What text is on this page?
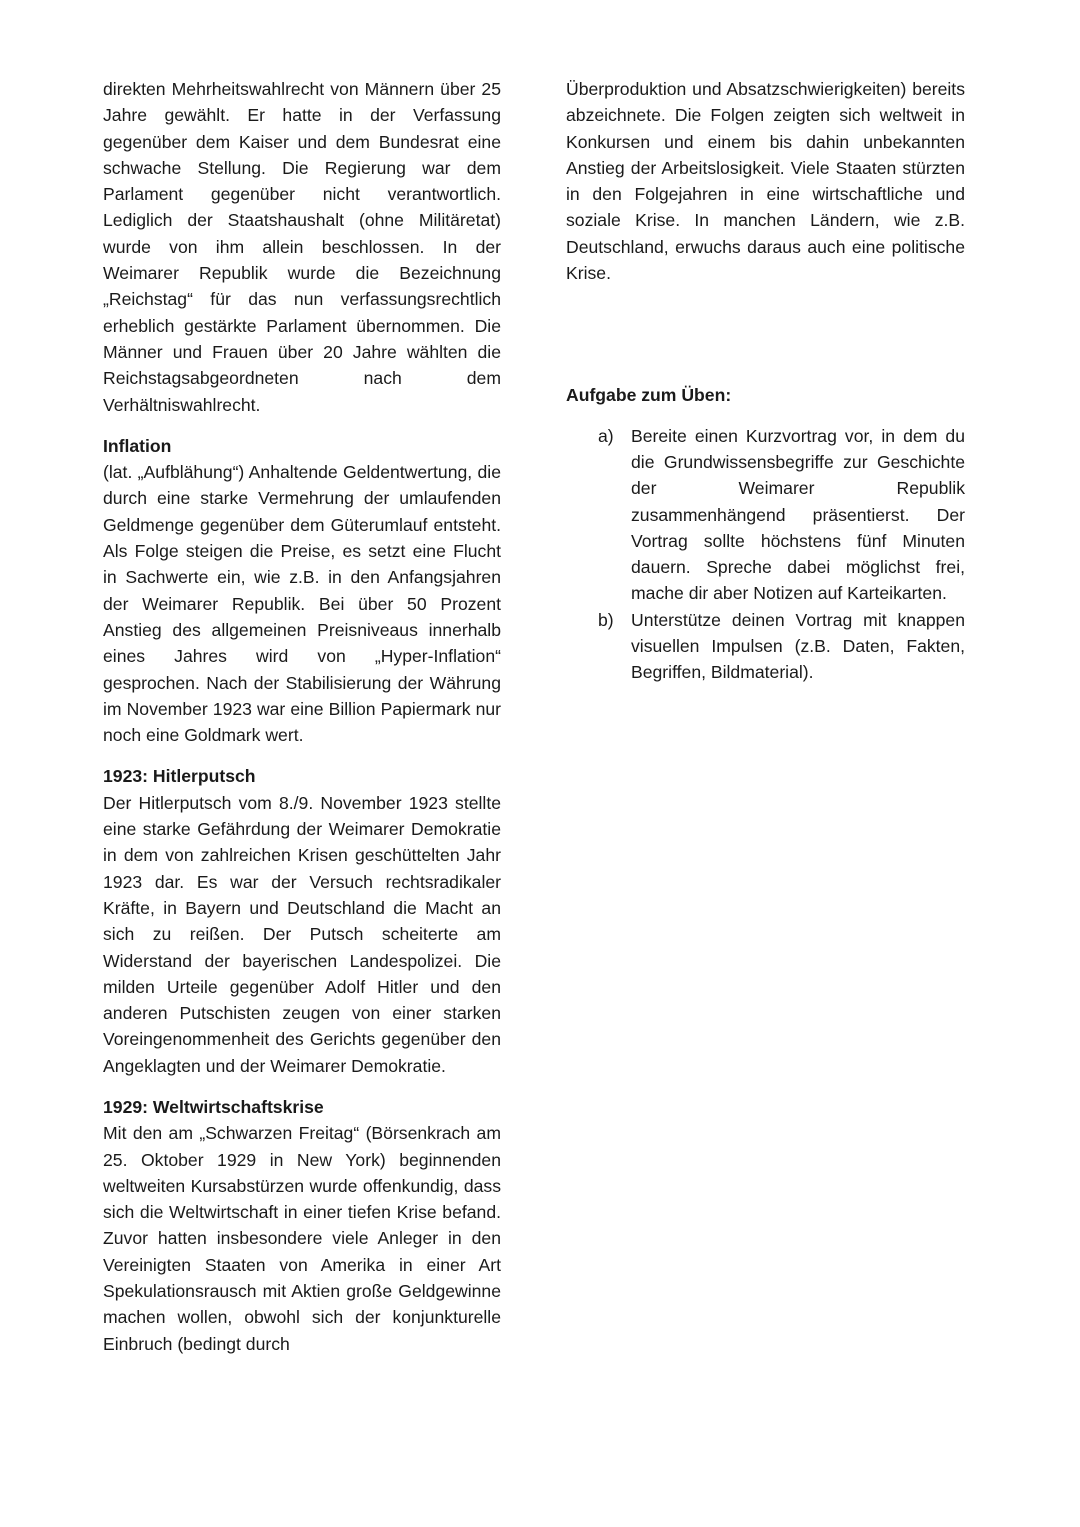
direkten Mehrheitswahlrecht von Männern über 25 Jahre gewählt. Er hatte in der Verfassung gegenüber dem Kaiser und dem Bundesrat eine schwache Stellung. Die Regierung war dem Parlament gegenüber nicht verantwortlich. Lediglich der Staatshaushalt (ohne Militäretat) wurde von ihm allein beschlossen. In der Weimarer Republik wurde die Bezeichnung „Reichstag“ für das nun verfassungsrechtlich erheblich gestärkte Parlament übernommen. Die Männer und Frauen über 20 Jahre wählten die Reichstagsabgeordneten nach dem Verhältniswahlrecht.

Inflation

(lat. „Aufblähung“) Anhaltende Geldentwertung, die durch eine starke Vermehrung der umlaufenden Geldmenge gegenüber dem Güterumlauf entsteht. Als Folge steigen die Preise, es setzt eine Flucht in Sachwerte ein, wie z.B. in den Anfangsjahren der Weimarer Republik. Bei über 50 Prozent Anstieg des allgemeinen Preisniveaus innerhalb eines Jahres wird von „Hyper-Inflation“ gesprochen. Nach der Stabilisierung der Währung im November 1923 war eine Billion Papiermark nur noch eine Goldmark wert.

1923: Hitlerputsch

Der Hitlerputsch vom 8./9. November 1923 stellte eine starke Gefährdung der Weimarer Demokratie in dem von zahlreichen Krisen geschüttelten Jahr 1923 dar. Es war der Versuch rechtsradikaler Kräfte, in Bayern und Deutschland die Macht an sich zu reißen. Der Putsch scheiterte am Widerstand der bayerischen Landespolizei. Die milden Urteile gegenüber Adolf Hitler und den anderen Putschisten zeugen von einer starken Voreingenommenheit des Gerichts gegenüber den Angeklagten und der Weimarer Demokratie.

1929: Weltwirtschaftskrise

Mit den am „Schwarzen Freitag“ (Börsenkrach am 25. Oktober 1929 in New York) beginnenden weltweiten Kursabstürzen wurde offenkundig, dass sich die Weltwirtschaft in einer tiefen Krise befand. Zuvor hatten insbesondere viele Anleger in den Vereinigten Staaten von Amerika in einer Art Spekulationsrausch mit Aktien große Geldgewinne machen wollen, obwohl sich der konjunkturelle Einbruch (bedingt durch

Überproduktion und Absatzschwierigkeiten) bereits abzeichnete. Die Folgen zeigten sich weltweit in Konkursen und einem bis dahin unbekannten Anstieg der Arbeitslosigkeit. Viele Staaten stürzten in den Folgejahren in eine wirtschaftliche und soziale Krise. In manchen Ländern, wie z.B. Deutschland, erwuchs daraus auch eine politische Krise.

Aufgabe zum Üben:

a) Bereite einen Kurzvortrag vor, in dem du die Grundwissensbegriffe zur Geschichte der Weimarer Republik zusammenhängend präsentierst. Der Vortrag sollte höchstens fünf Minuten dauern. Spreche dabei möglichst frei, mache dir aber Notizen auf Karteikarten.
b) Unterstütze deinen Vortrag mit knappen visuellen Impulsen (z.B. Daten, Fakten, Begriffen, Bildmaterial).
